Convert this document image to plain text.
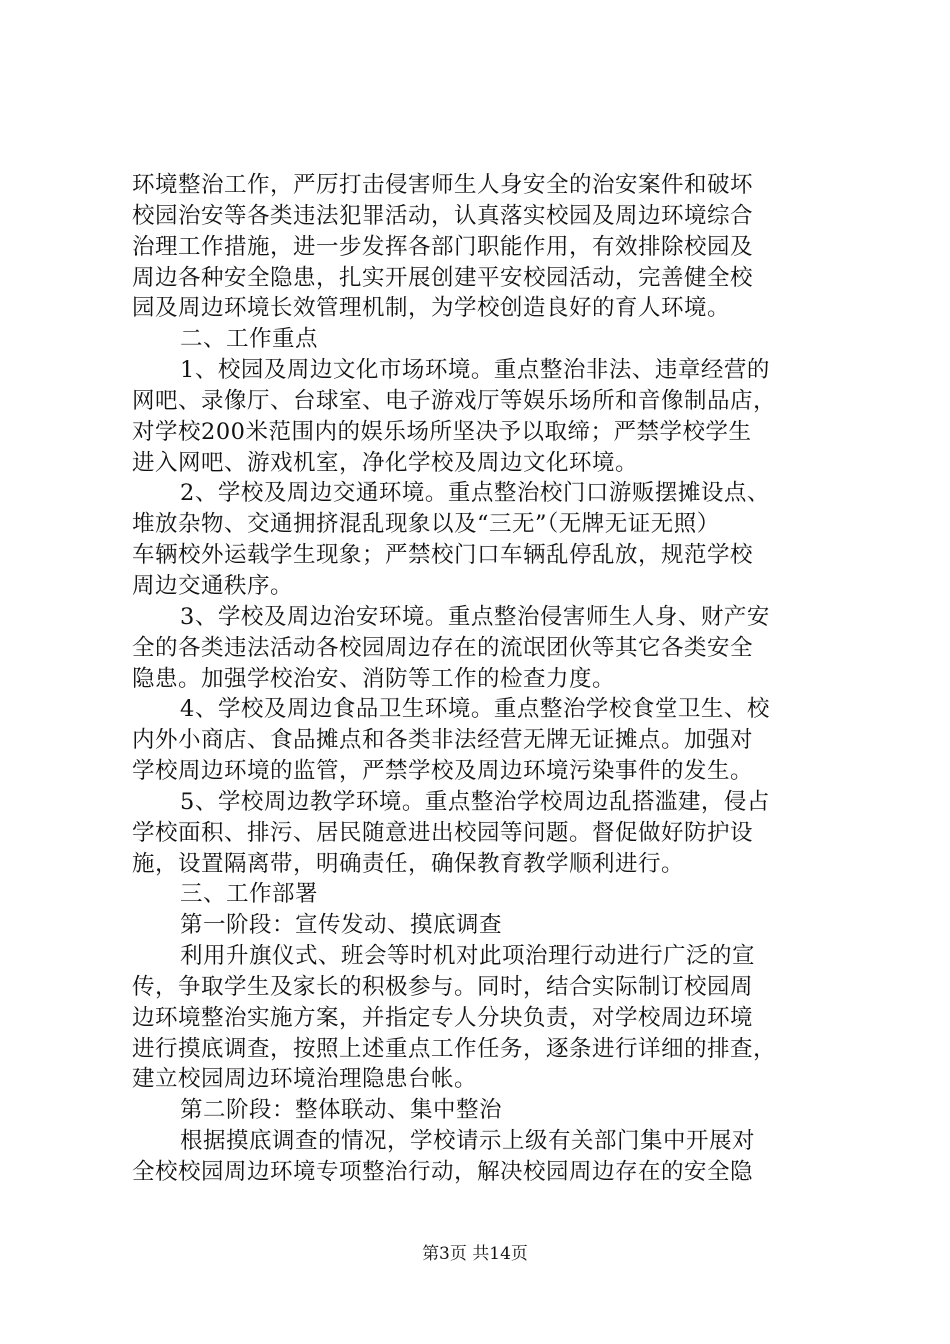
环境整治工作，严厉打击侵害师生人身安全的治安案件和破坏
校园治安等各类违法犯罪活动，认真落实校园及周边环境综合
治理工作措施，进一步发挥各部门职能作用，有效排除校园及
周边各种安全隐患，扎实开展创建平安校园活动，完善健全校
园及周边环境长效管理机制，为学校创造良好的育人环境。
二、工作重点
1、校园及周边文化市场环境。重点整治非法、违章经营的
网吧、录像厅、台球室、电子游戏厅等娱乐场所和音像制品店，
对学校200米范围内的娱乐场所坚决予以取缔；严禁学校学生
进入网吧、游戏机室，净化学校及周边文化环境。
2、学校及周边交通环境。重点整治校门口游贩摆摊设点、
堆放杂物、交通拥挤混乱现象以及“三无”（无牌无证无照）
车辆校外运载学生现象；严禁校门口车辆乱停乱放，规范学校
周边交通秩序。
3、学校及周边治安环境。重点整治侵害师生人身、财产安
全的各类违法活动各校园周边存在的流氓团伙等其它各类安全
隐患。加强学校治安、消防等工作的检查力度。
4、学校及周边食品卫生环境。重点整治学校食堂卫生、校
内外小商店、食品摊点和各类非法经营无牌无证摊点。加强对
学校周边环境的监管，严禁学校及周边环境污染事件的发生。
5、学校周边教学环境。重点整治学校周边乱搭滥建，侵占
学校面积、排污、居民随意进出校园等问题。督促做好防护设
施，设置隔离带，明确责任，确保教育教学顺利进行。
三、工作部署
第一阶段：宣传发动、摸底调查
利用升旗仪式、班会等时机对此项治理行动进行广泛的宣
传，争取学生及家长的积极参与。同时，结合实际制订校园周
边环境整治实施方案，并指定专人分块负责，对学校周边环境
进行摸底调查，按照上述重点工作任务，逐条进行详细的排查，
建立校园周边环境治理隐患台帐。
第二阶段：整体联动、集中整治
根据摸底调查的情况，学校请示上级有关部门集中开展对
全校校园周边环境专项整治行动，解决校园周边存在的安全隐
第3页 共14页
